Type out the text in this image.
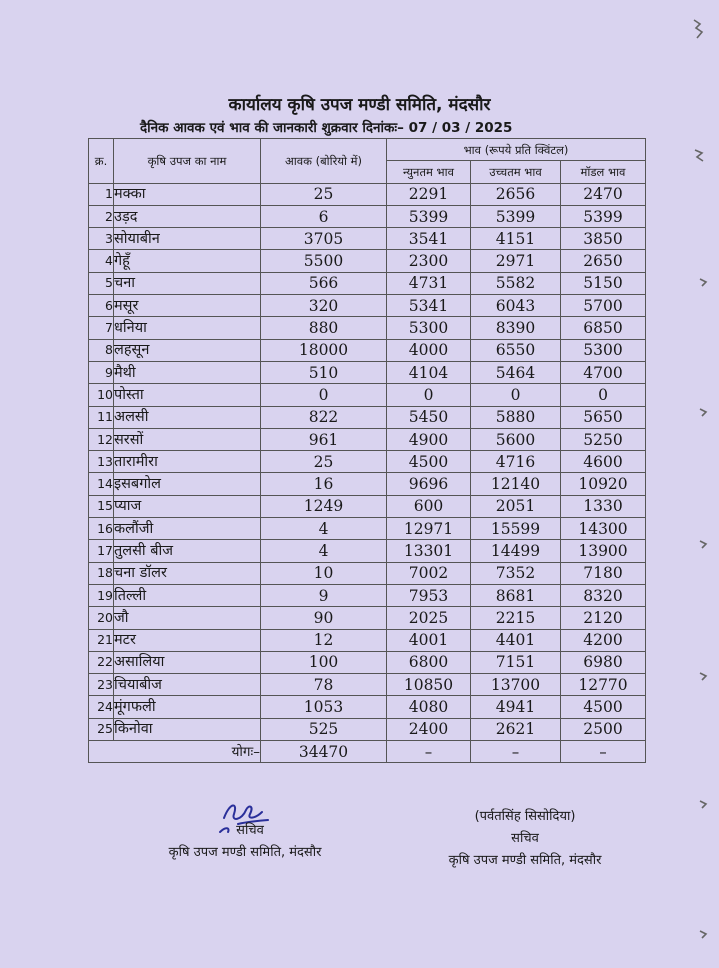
कार्यालय कृषि उपज मण्डी समिति, मंदसौर
दैनिक आवक एवं भाव की जानकारी शुक्रवार दिनांकः– 07 / 03 / 2025
क्र.	कृषि उपज का नाम	आवक (बोरियो में)	भाव (रूपये प्रति क्विंटल)		
			न्युनतम भाव	उच्चतम भाव	मॉडल भाव
1	मक्का	25	2291	2656	2470
2	उड़द	6	5399	5399	5399
3	सोयाबीन	3705	3541	4151	3850
4	गेहूँ	5500	2300	2971	2650
5	चना	566	4731	5582	5150
6	मसूर	320	5341	6043	5700
7	धनिया	880	5300	8390	6850
8	लहसून	18000	4000	6550	5300
9	मैथी	510	4104	5464	4700
10	पोस्ता	0	0	0	0
11	अलसी	822	5450	5880	5650
12	सरसों	961	4900	5600	5250
13	तारामीरा	25	4500	4716	4600
14	इसबगोल	16	9696	12140	10920
15	प्याज	1249	600	2051	1330
16	कलौंजी	4	12971	15599	14300
17	तुलसी बीज	4	13301	14499	13900
18	चना डॉलर	10	7002	7352	7180
19	तिल्ली	9	7953	8681	8320
20	जौ	90	2025	2215	2120
21	मटर	12	4001	4401	4200
22	असालिया	100	6800	7151	6980
23	चियाबीज	78	10850	13700	12770
24	मूंगफली	1053	4080	4941	4500
25	किनोवा	525	2400	2621	2500
योगः–		34470	–	–	–
सचिव
कृषि उपज मण्डी समिति, मंदसौर
(पर्वतसिंह सिसोदिया)
सचिव
कृषि उपज मण्डी समिति, मंदसौर
